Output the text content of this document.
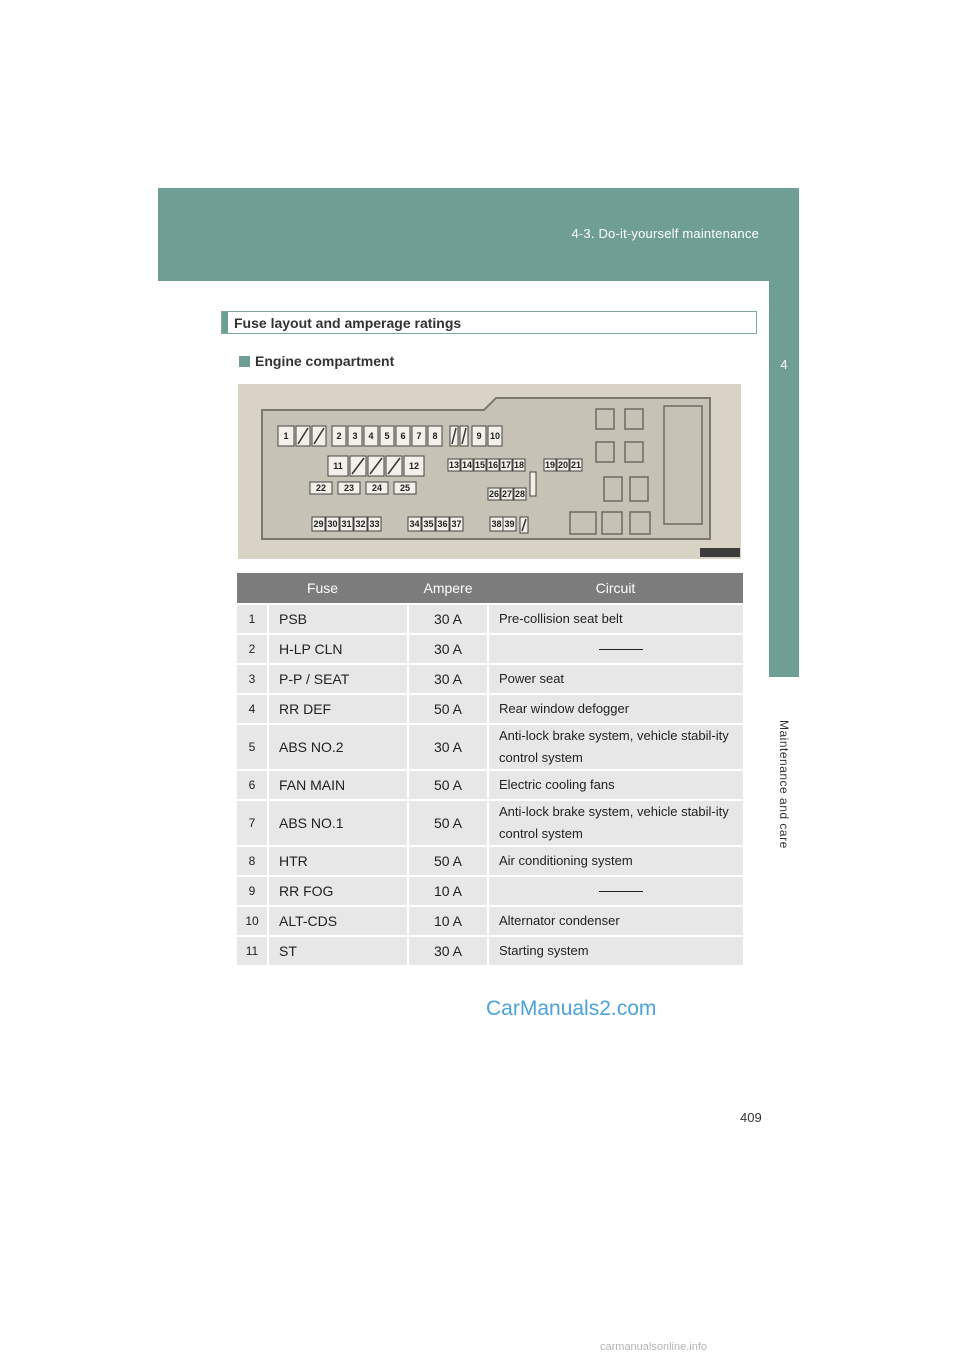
4-3. Do-it-yourself maintenance
4
Maintenance and care
Fuse layout and amperage ratings
Engine compartment
1	2 3 4 5 6 7 8	9 10
11	12
22 23 24 25
13 14 15 16 17 18 19 20 21
26 27 28
29 30 31 32 33	34 35 36 37	38 39
Fuse		Ampere	Circuit
1	PSB	30 A	Pre-collision seat belt
2	H-LP CLN	30 A	

3	P-P / SEAT	30 A	Power seat
4	RR DEF	50 A	Rear window defogger
5	ABS NO.2	30 A	Anti-lock brake system, vehicle stabil-ity control system
6	FAN MAIN	50 A	Electric cooling fans
7	ABS NO.1	50 A	Anti-lock brake system, vehicle stabil-ity control system
8	HTR	50 A	Air conditioning system
9	RR FOG	10 A	

10	ALT-CDS	10 A	Alternator condenser
11	ST	30 A	Starting system
CarManuals2.com
409
carmanualsonline.info
